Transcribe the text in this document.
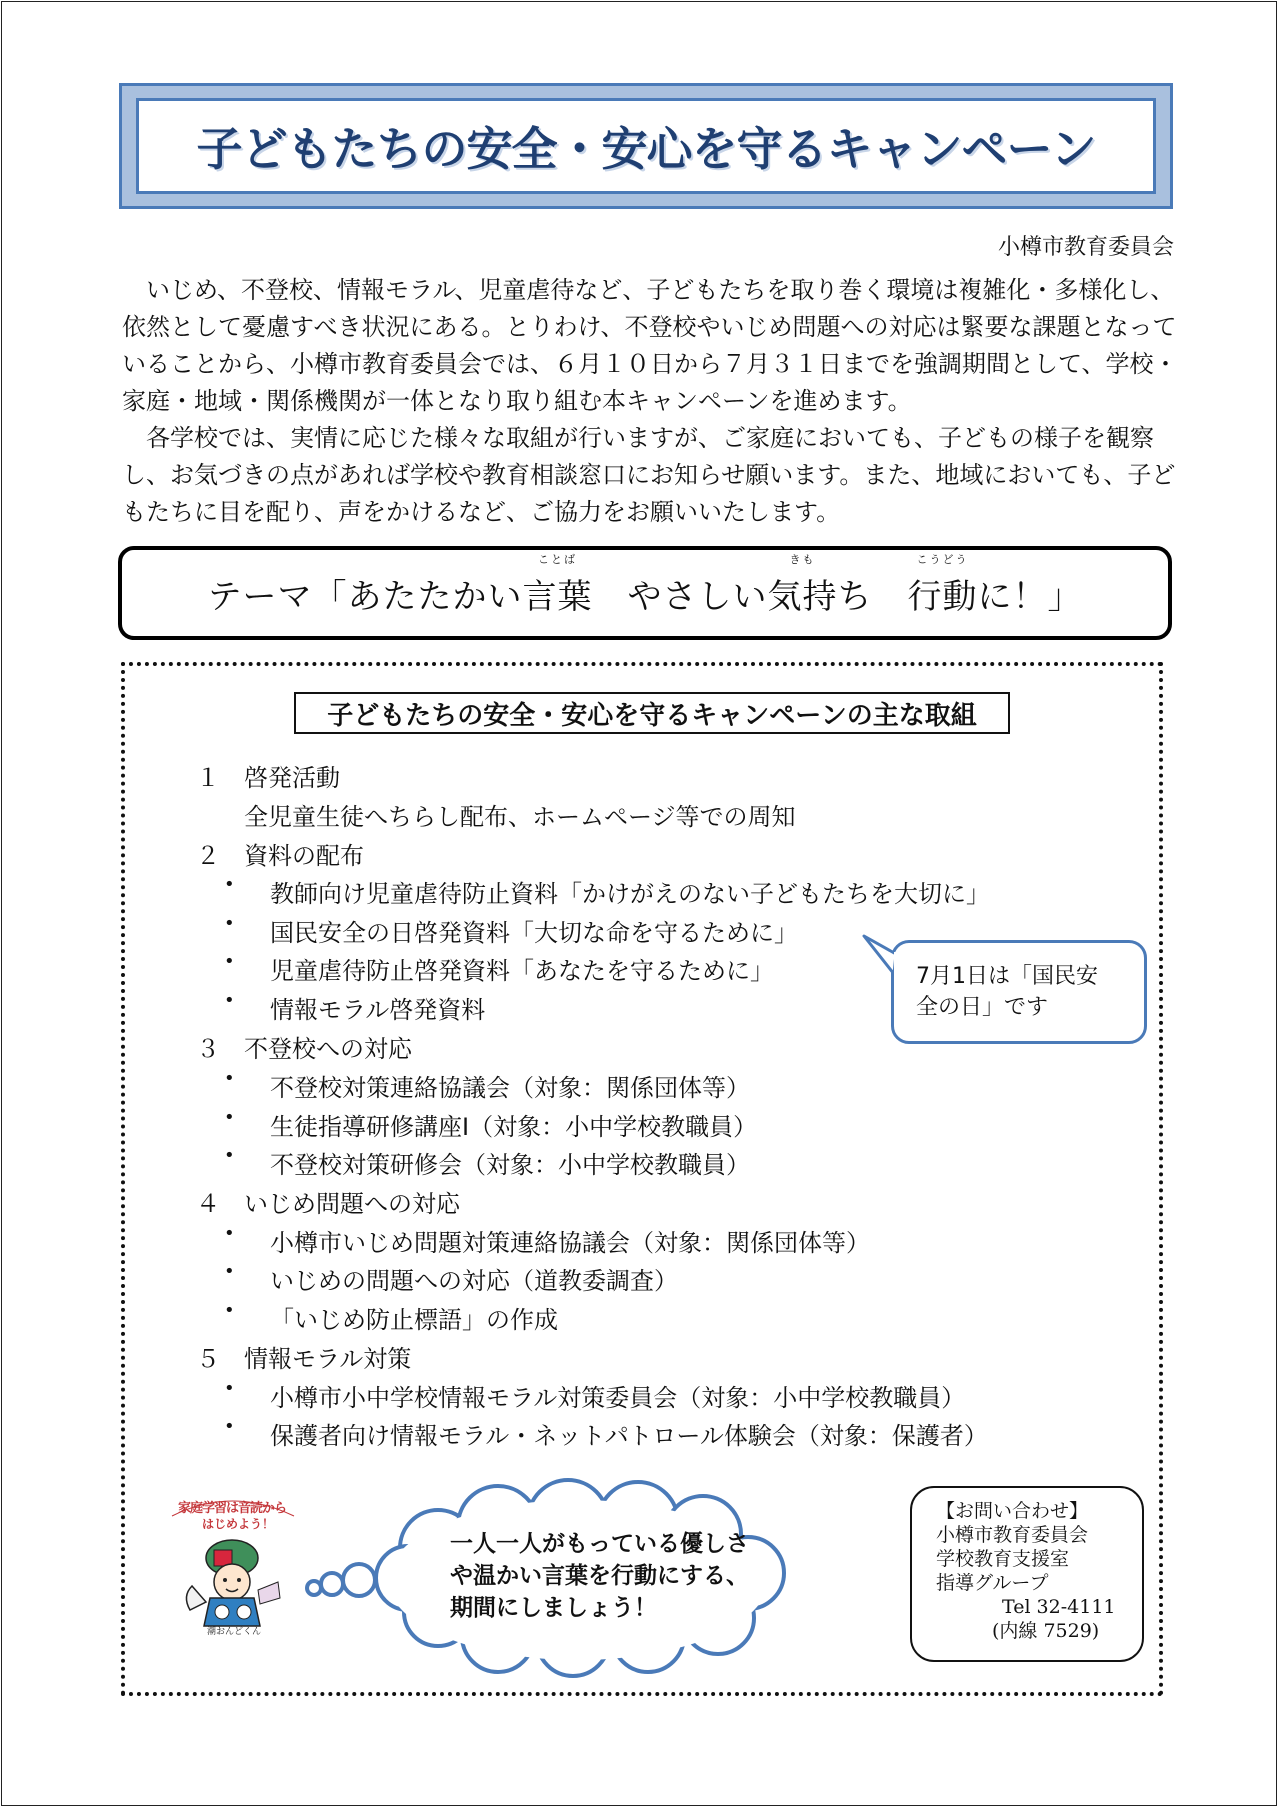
子どもたちの安全・安心を守るキャンペーン
小樽市教育委員会

いじめ、不登校、情報モラル、児童虐待など、子どもたちを取り巻く環境は複雑化・多様化し、依然として憂慮すべき状況にある。とりわけ、不登校やいじめ問題への対応は緊要な課題となっていることから、小樽市教育委員会では、６月１０日から７月３１日までを強調期間として、学校・家庭・地域・関係機関が一体となり取り組む本キャンペーンを進めます。

各学校では、実情に応じた様々な取組が行いますが、ご家庭においても、子どもの様子を観察し、お気づきの点があれば学校や教育相談窓口にお知らせ願います。また、地域においても、子どもたちに目を配り、声をかけるなど、ご協力をお願いいたします。

テーマ「あたたかい
ことば
言葉　やさしい
きも
気持ち　
こうどう
行動に！」
子どもたちの安全・安心を守るキャンペーンの主な取組
１ 啓発活動
全児童生徒へちらし配布、ホームページ等での周知
２ 資料の配布
• 教師向け児童虐待防止資料「かけがえのない子どもたちを大切に」
• 国民安全の日啓発資料「大切な命を守るために」
• 児童虐待防止啓発資料「あなたを守るために」
• 情報モラル啓発資料
３ 不登校への対応
• 不登校対策連絡協議会（対象：関係団体等）
• 生徒指導研修講座Ⅰ（対象：小中学校教職員）
• 不登校対策研修会（対象：小中学校教職員）
４ いじめ問題への対応
• 小樽市いじめ問題対策連絡協議会（対象：関係団体等）
• いじめの問題への対応（道教委調査）
• 「いじめ防止標語」の作成
５ 情報モラル対策
• 小樽市小中学校情報モラル対策委員会（対象：小中学校教職員）
• 保護者向け情報モラル・ネットパトロール体験会（対象：保護者）
7月1日は「国民安
全の日」です
家庭学習は音読から
はじめよう！
潮おんどくん
一人一人がもっている優しさ
や温かい言葉を行動にする、
期間にしましょう！
【お問い合わせ】
小樽市教育委員会
学校教育支援室
指導グループ
Tel 32-4111
(内線 7529)
